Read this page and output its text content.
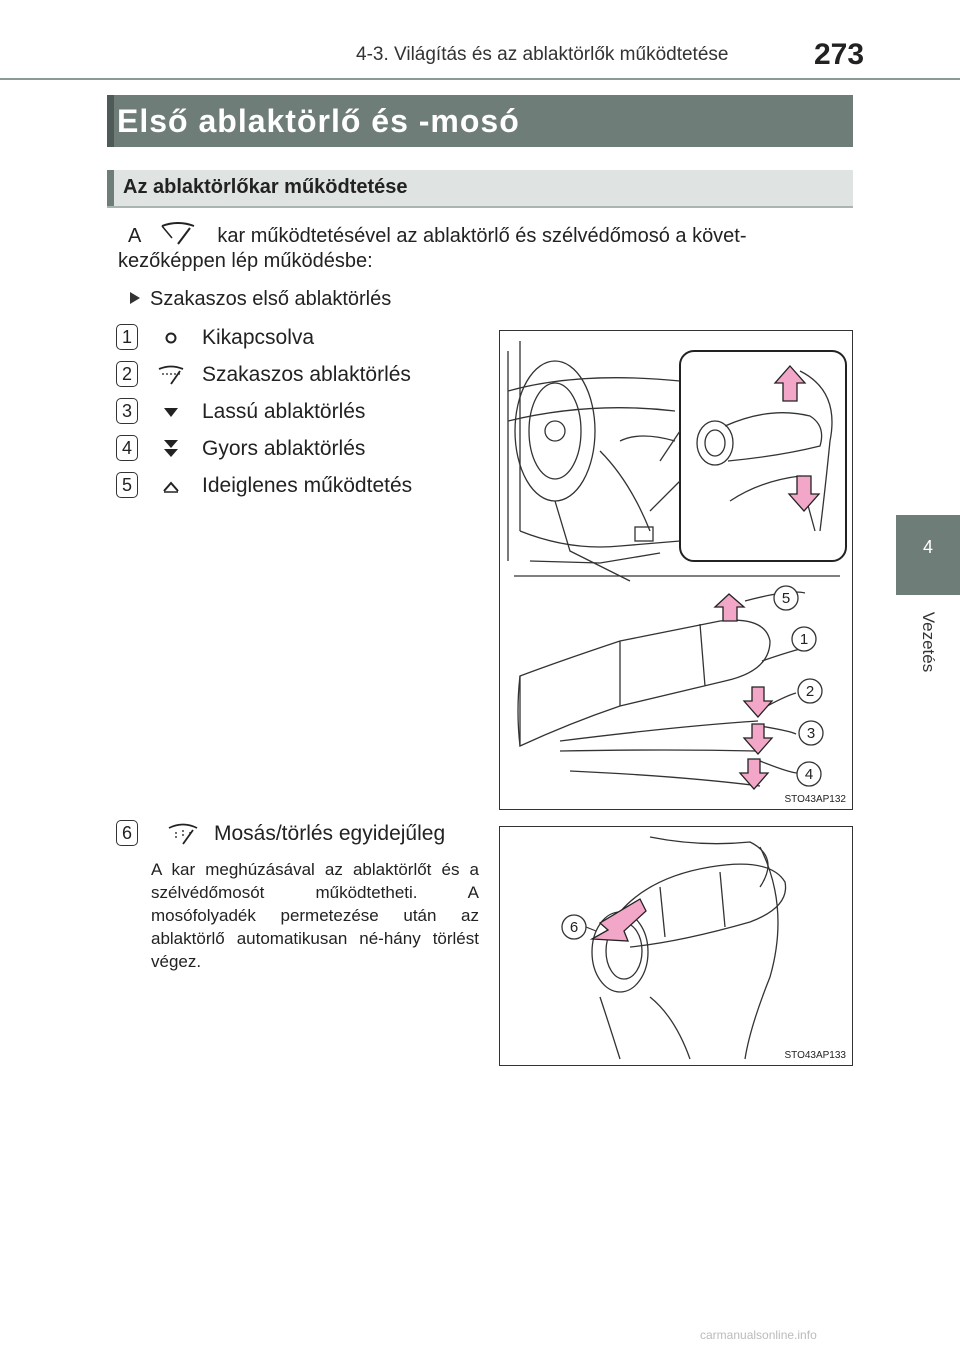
4-3. Világítás és az ablaktörlők működtetése	273
4
Vezetés
Első ablaktörlő és -mosó
Az ablaktörlőkar működtetése
A	kar működtetésével az ablaktörlő és szélvédőmosó a követ-
kezőképpen lép működésbe:
Szakaszos első ablaktörlés
1	Kikapcsolva
2	Szakaszos ablaktörlés
3	Lassú ablaktörlés
4	Gyors ablaktörlés
5	Ideiglenes működtetés
6	Mosás/törlés egyidejűleg
A kar meghúzásával az ablaktörlőt és a szélvédőmosót működtetheti. A mosófolyadék permetezése után az ablaktörlő automatikusan né-hány törlést végez.
5
1
2
3
4
STO43AP132
6
STO43AP133
carmanualsonline.info
